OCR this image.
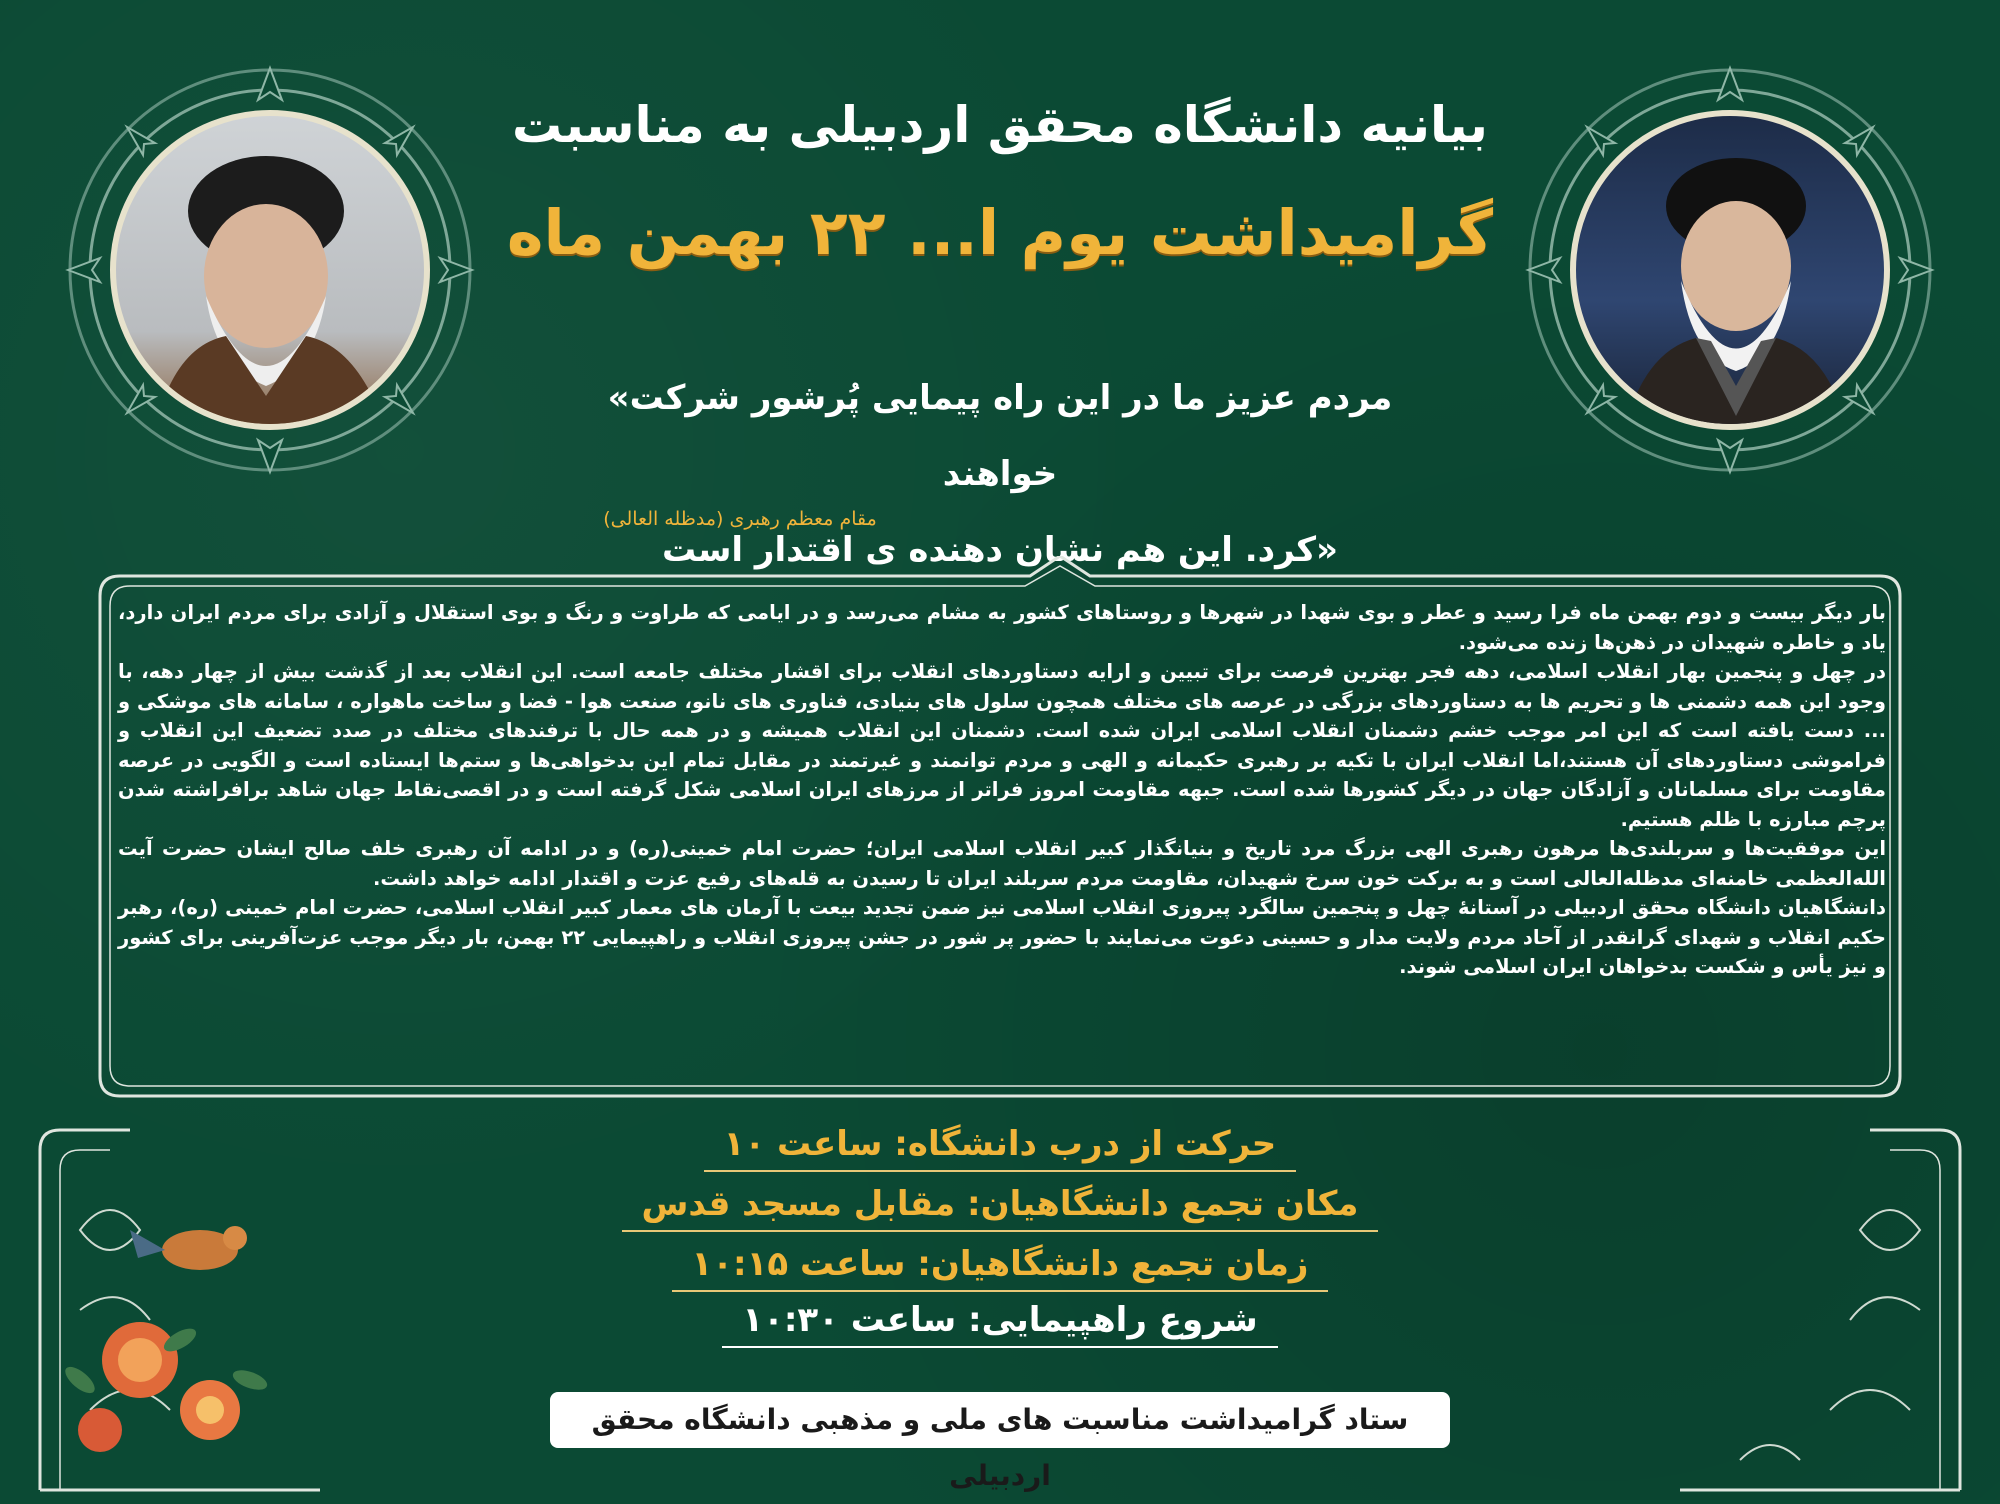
بیانیه دانشگاه محقق اردبیلی به مناسبت
گرامیداشت یوم ا... ۲۲ بهمن ماه
«مردم عزیز ما در این راه پیمایی پُرشور شرکت خواهند
کرد. این هم نشان دهنده ی اقتدار است»
مقام معظم رهبری (مدظله العالی)

بار دیگر بیست و دوم بهمن ماه فرا رسید و عطر و بوی شهدا در شهرها و روستاهای کشور به مشام می‌رسد و در ایامی که طراوت و رنگ و بوی استقلال و آزادی برای مردم ایران دارد، یاد و خاطره شهیدان در ذهن‌ها زنده می‌شود.

در چهل و پنجمین بهار انقلاب اسلامی، دهه فجر بهترین فرصت برای تبیین و ارایه دستاوردهای انقلاب برای اقشار مختلف جامعه است. این انقلاب بعد از گذشت بیش از چهار دهه، با وجود این همه دشمنی ها و تحریم ها به دستاوردهای بزرگی در عرصه های مختلف همچون سلول های بنیادی، فناوری های نانو، صنعت هوا - فضا و ساخت ماهواره ، سامانه های موشکی و ... دست یافته است که این امر موجب خشم دشمنان انقلاب اسلامی ایران شده است. دشمنان این انقلاب همیشه و در همه حال با ترفندهای مختلف در صدد تضعیف این انقلاب و فراموشی دستاوردهای آن هستند،اما انقلاب ایران با تکیه بر رهبری حکیمانه و الهی و مردم توانمند و غیرتمند در مقابل تمام این بدخواهی‌ها و ستم‌ها ایستاده است و الگویی در عرصه مقاومت برای مسلمانان و آزادگان جهان در دیگر کشورها شده است. جبهه مقاومت امروز فراتر از مرزهای ایران اسلامی شکل گرفته است و در اقصی‌نقاط جهان شاهد برافراشته شدن پرچم مبارزه با ظلم هستیم.

این موفقیت‌ها و سربلندی‌ها مرهون رهبری الهی بزرگ مرد تاریخ و بنیانگذار کبیر انقلاب اسلامی ایران؛ حضرت امام خمینی(ره) و در ادامه آن رهبری خلف صالح ایشان حضرت آیت الله‌العظمی خامنه‌ای مدظله‌العالی است و به برکت خون سرخ شهیدان، مقاومت مردم سربلند ایران تا رسیدن به قله‌های رفیع عزت و اقتدار ادامه خواهد داشت.

دانشگاهیان دانشگاه محقق اردبیلی در آستانهٔ چهل و پنجمین سالگرد پیروزی انقلاب اسلامی نیز ضمن تجدید بیعت با آرمان های معمار کبیر انقلاب اسلامی، حضرت امام خمینی (ره)، رهبر حکیم انقلاب و شهدای گرانقدر از آحاد مردم ولایت مدار و حسینی دعوت می‌نمایند با حضور پر شور در جشن پیروزی انقلاب و راهپیمایی ۲۲ بهمن، بار دیگر موجب عزت‌آفرینی برای کشور و نیز یأس و شکست بدخواهان ایران اسلامی شوند.

حرکت از درب دانشگاه: ساعت ۱۰
مکان تجمع دانشگاهیان: مقابل مسجد قدس
زمان تجمع دانشگاهیان: ساعت ۱۰:۱۵
شروع راهپیمایی: ساعت ۱۰:۳۰
ستاد گرامیداشت مناسبت های ملی و مذهبی دانشگاه محقق اردبیلی
